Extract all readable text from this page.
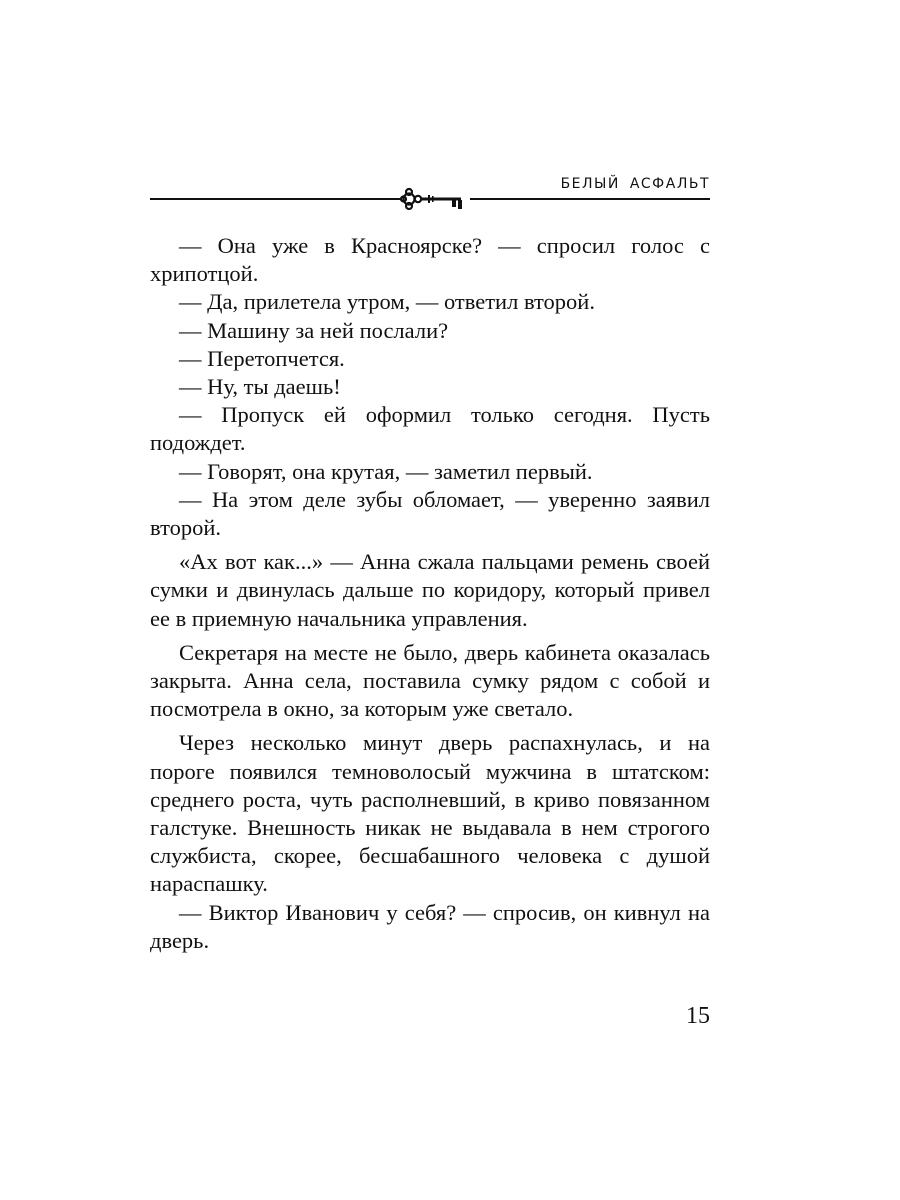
БЕЛЫЙ АСФАЛЬТ

— Она уже в Красноярске? — спросил голос с хрипотцой.

— Да, прилетела утром, — ответил второй.

— Машину за ней послали?

— Перетопчется.

— Ну, ты даешь!

— Пропуск ей оформил только сегодня. Пусть подождет.

— Говорят, она крутая, — заметил первый.

— На этом деле зубы обломает, — уверенно заявил второй.

«Ах вот как...» — Анна сжала пальцами ремень своей сумки и двинулась дальше по коридору, который привел ее в приемную начальника управления.

Секретаря на месте не было, дверь кабинета оказалась закрыта. Анна села, поставила сумку рядом с собой и посмотрела в окно, за которым уже светало.

Через несколько минут дверь распахнулась, и на пороге появился темноволосый мужчина в штатском: среднего роста, чуть располневший, в криво повязанном галстуке. Внешность никак не выдавала в нем строгого службиста, скорее, бесшабашного человека с душой нараспашку.

— Виктор Иванович у себя? — спросив, он кивнул на дверь.

15
